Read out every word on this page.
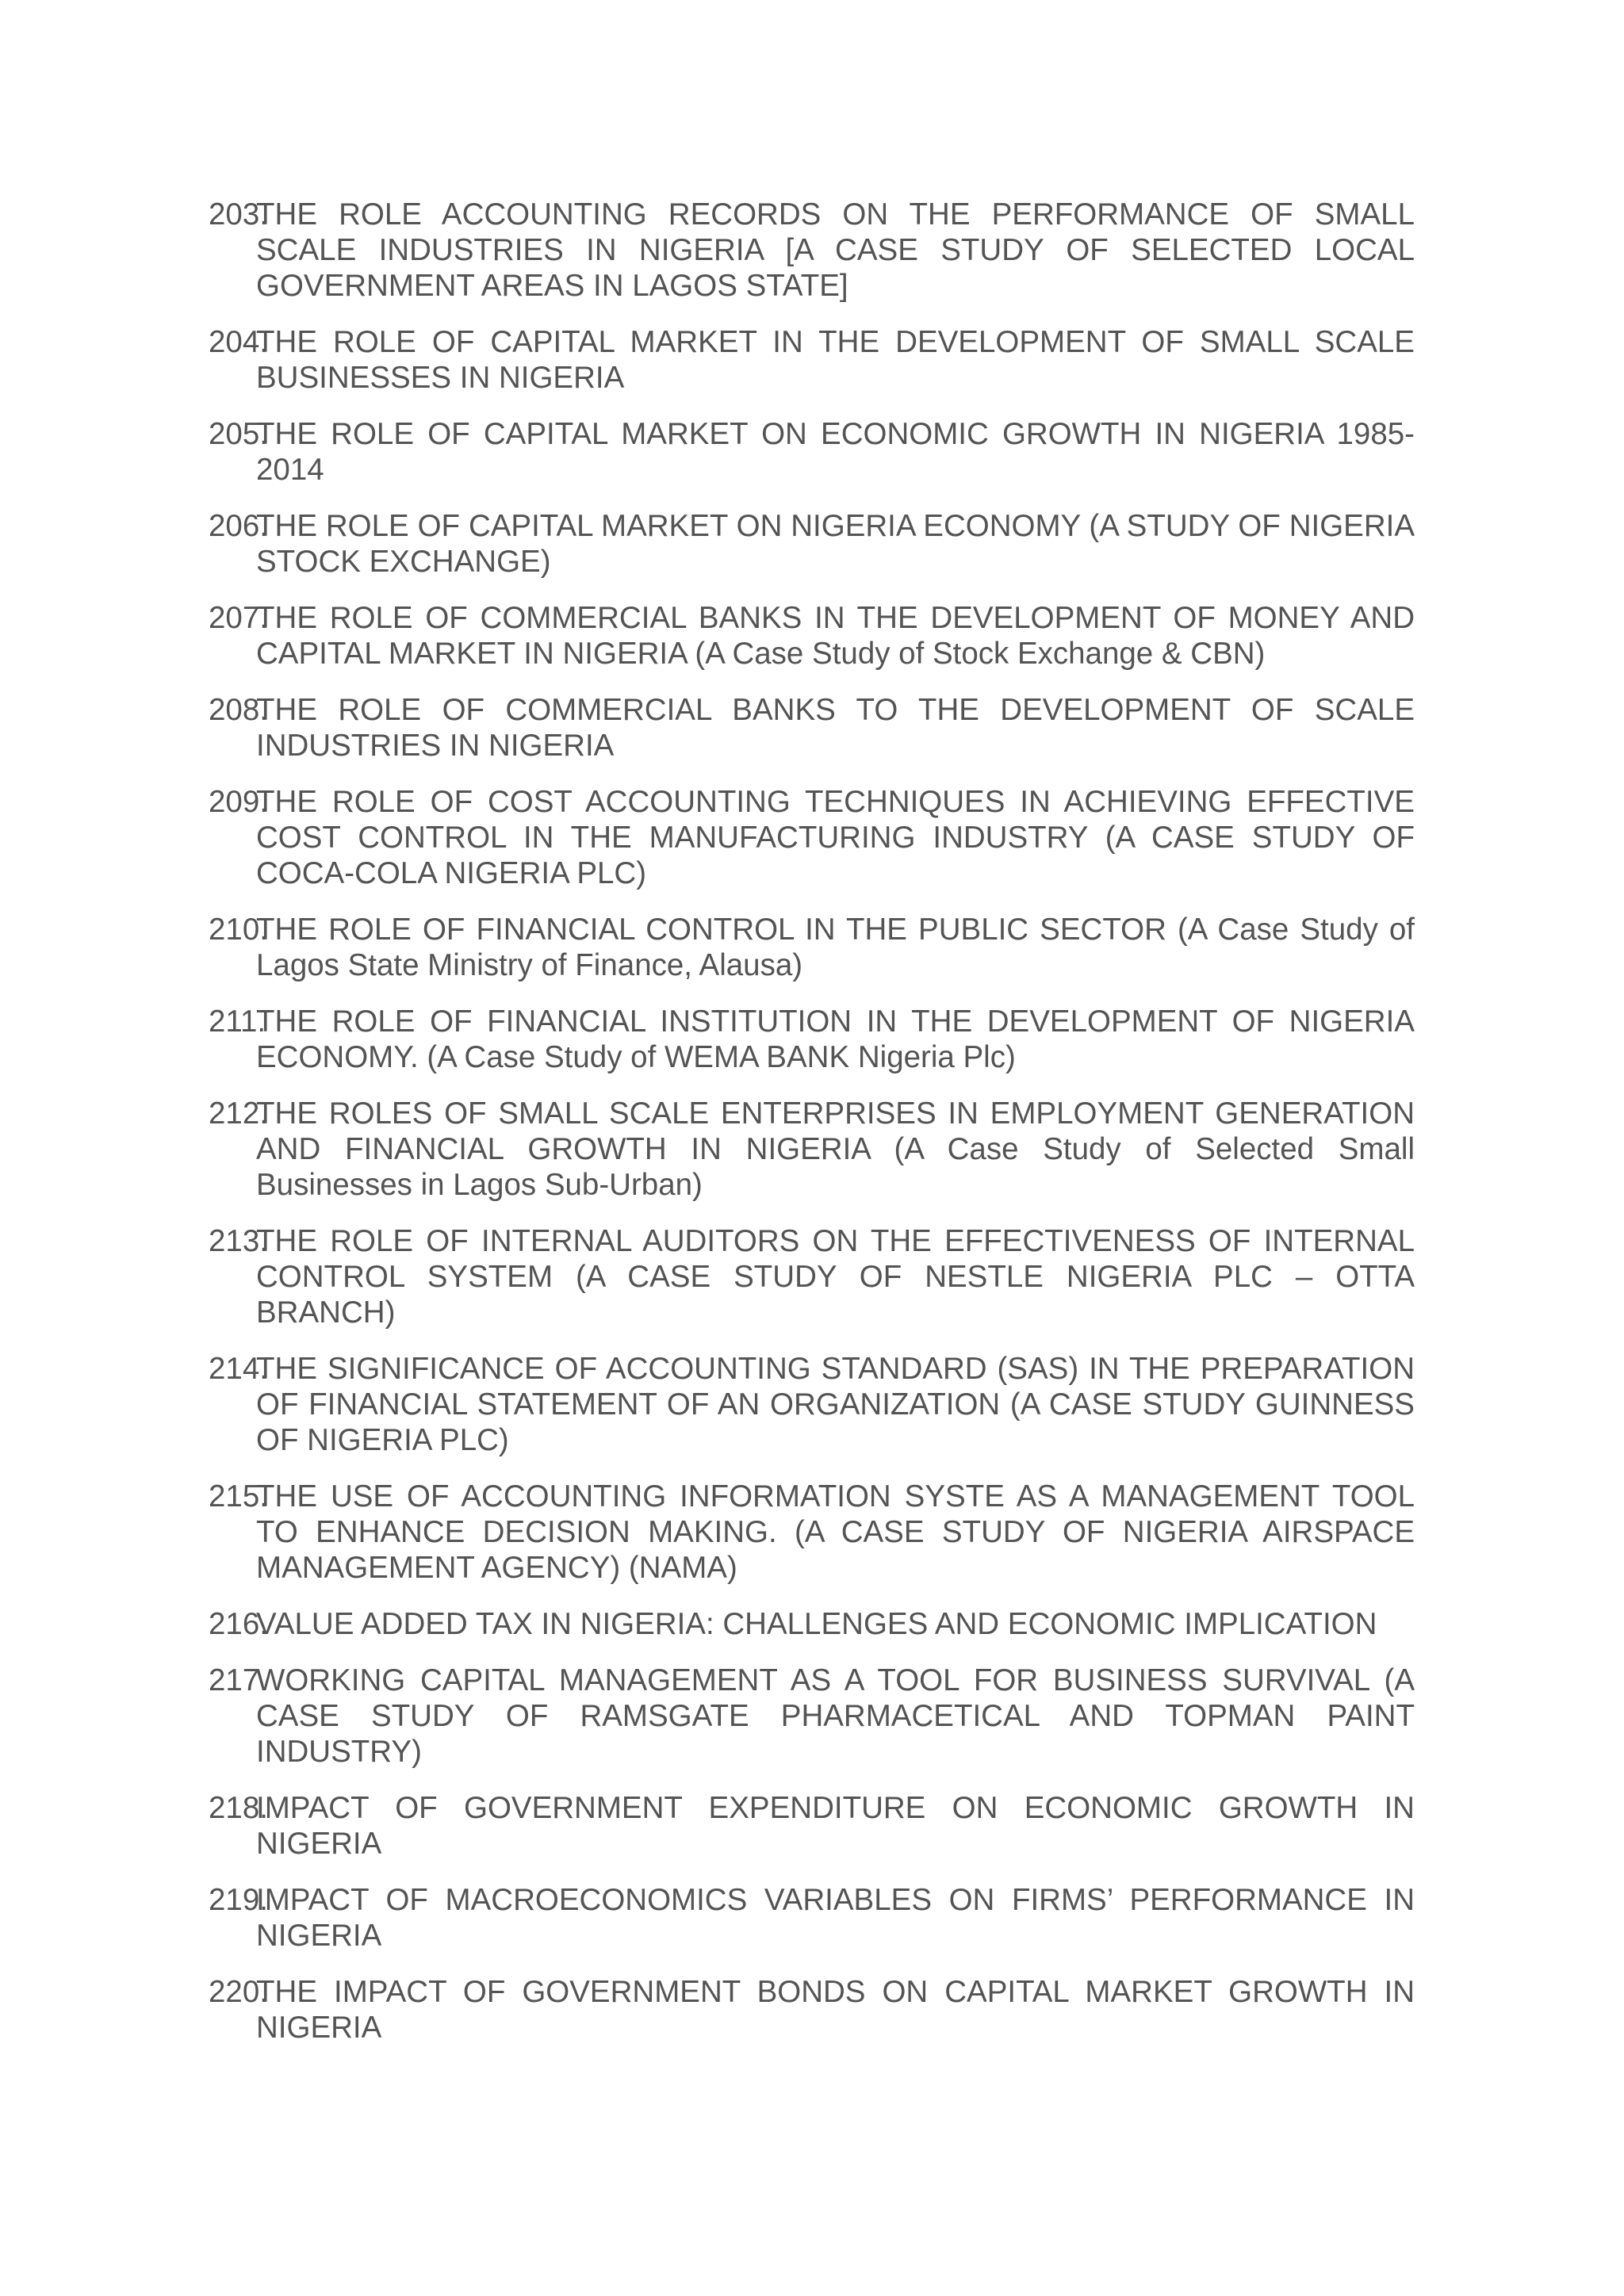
203.
THE ROLE ACCOUNTING RECORDS ON THE PERFORMANCE OF SMALL SCALE INDUSTRIES IN NIGERIA [A CASE STUDY OF SELECTED LOCAL GOVERNMENT AREAS IN LAGOS STATE]
204.
THE ROLE OF CAPITAL MARKET IN THE DEVELOPMENT OF SMALL SCALE BUSINESSES IN NIGERIA
205.
THE ROLE OF CAPITAL MARKET ON ECONOMIC GROWTH IN NIGERIA 1985-2014
206.
THE ROLE OF CAPITAL MARKET ON NIGERIA ECONOMY (A STUDY OF NIGERIA STOCK EXCHANGE)
207.
THE ROLE OF COMMERCIAL BANKS IN THE DEVELOPMENT OF MONEY AND CAPITAL MARKET IN NIGERIA (A Case Study of Stock Exchange & CBN)
208.
THE ROLE OF COMMERCIAL BANKS TO THE DEVELOPMENT OF SCALE INDUSTRIES IN NIGERIA
209.
THE ROLE OF COST ACCOUNTING TECHNIQUES IN ACHIEVING EFFECTIVE COST CONTROL IN THE MANUFACTURING INDUSTRY (A CASE STUDY OF COCA-COLA NIGERIA PLC)
210.
THE ROLE OF FINANCIAL CONTROL IN THE PUBLIC SECTOR (A Case Study of Lagos State Ministry of Finance, Alausa)
211.
THE ROLE OF FINANCIAL INSTITUTION IN THE DEVELOPMENT OF NIGERIA ECONOMY. (A Case Study of WEMA BANK Nigeria Plc)
212.
THE ROLES OF SMALL SCALE ENTERPRISES IN EMPLOYMENT GENERATION AND FINANCIAL GROWTH IN NIGERIA (A Case Study of Selected Small Businesses in Lagos Sub-Urban)
213.
THE ROLE OF INTERNAL AUDITORS ON THE EFFECTIVENESS OF INTERNAL CONTROL SYSTEM (A CASE STUDY OF NESTLE NIGERIA PLC – OTTA BRANCH)
214.
THE SIGNIFICANCE OF ACCOUNTING STANDARD (SAS) IN THE PREPARATION OF FINANCIAL STATEMENT OF AN ORGANIZATION (A CASE STUDY GUINNESS OF NIGERIA PLC)
215.
THE USE OF ACCOUNTING INFORMATION SYSTE AS A MANAGEMENT TOOL TO ENHANCE DECISION MAKING. (A CASE STUDY OF NIGERIA AIRSPACE MANAGEMENT AGENCY) (NAMA)
216.
VALUE ADDED TAX IN NIGERIA: CHALLENGES AND ECONOMIC IMPLICATION
217.
WORKING CAPITAL MANAGEMENT AS A TOOL FOR BUSINESS SURVIVAL (A CASE STUDY OF RAMSGATE PHARMACETICAL AND TOPMAN PAINT INDUSTRY)
218.
IMPACT OF GOVERNMENT EXPENDITURE ON ECONOMIC GROWTH IN NIGERIA
219.
IMPACT OF MACROECONOMICS VARIABLES ON FIRMS’ PERFORMANCE IN NIGERIA
220.
THE IMPACT OF GOVERNMENT BONDS ON CAPITAL MARKET GROWTH IN NIGERIA
